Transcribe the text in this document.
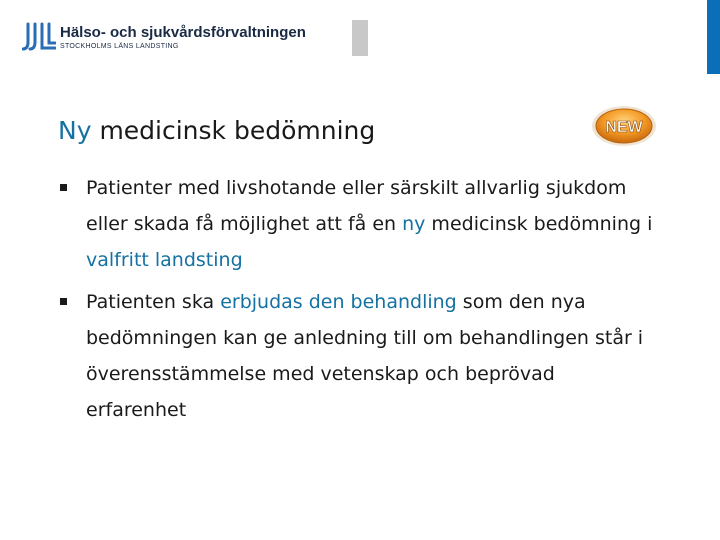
Hälso- och sjukvårdsförvaltningen
STOCKHOLMS LÄNS LANDSTING
NEW
Ny medicinsk bedömning
Patienter med livshotande eller särskilt allvarlig sjukdom eller skada få möjlighet att få en ny medicinsk bedömning i valfritt landsting
Patienten ska erbjudas den behandling som den nya bedömningen kan ge anledning till om behandlingen står i överensstämmelse med vetenskap och beprövad erfarenhet
